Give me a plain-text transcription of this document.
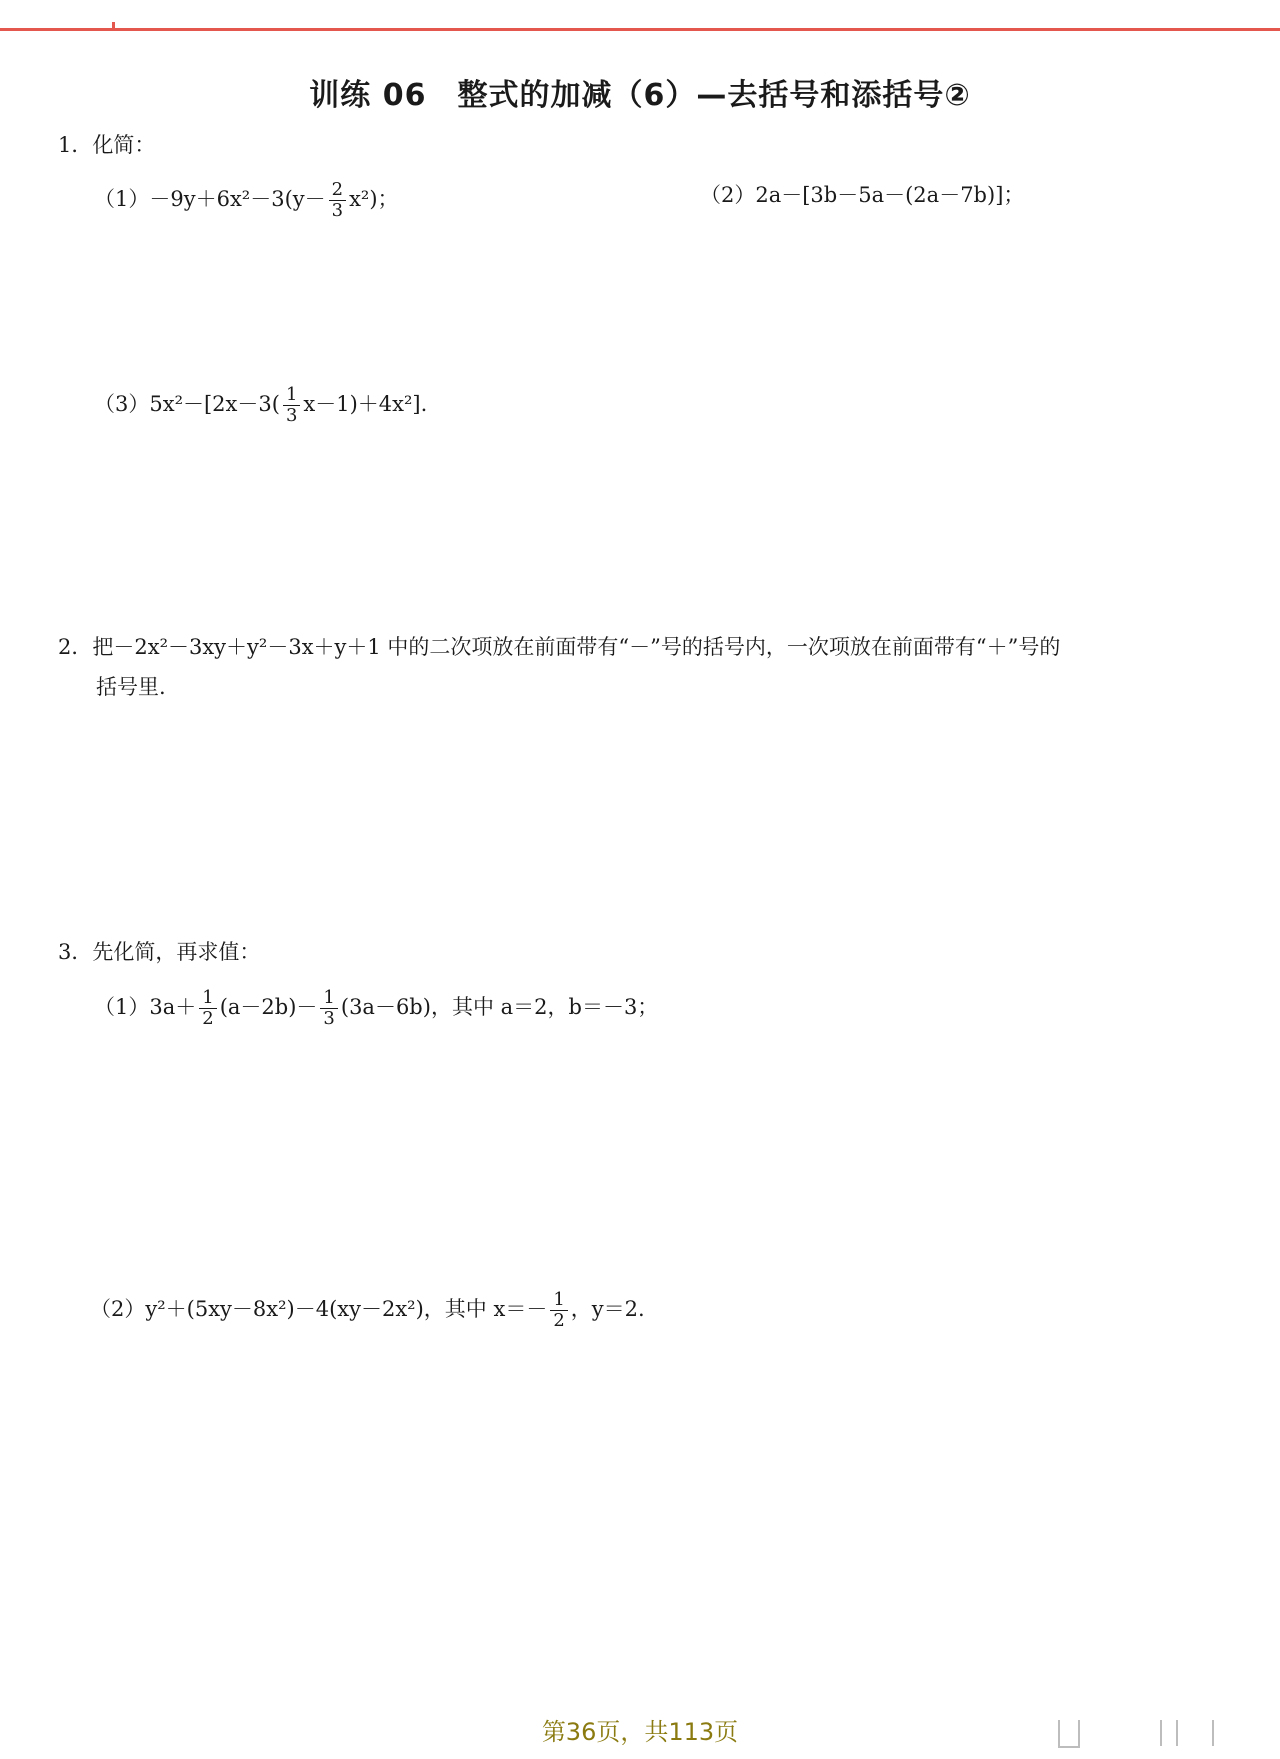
训练 06　整式的加减（6）—去括号和添括号②
1．化简：
$(1)-9y+6x^2-3(y- \frac{2}{3} x^2)$；	（2）2a－[3b－5a－(2a－7b)]；
$(3)5x^2-[2x-3( \frac{1}{3} x-1)+4x^2]$.
2．把－2x²－3xy＋y²－3x＋y＋1 中的二次项放在前面带有“－”号的括号内，一次项放在前面带有“＋”号的
括号里.
3．先化简，再求值：
$(1)3a+ \frac{1}{2} (a-2b)- \frac{1}{3} (3a-6b)$，其中 a＝2，b＝－3；
（2）y²＋(5xy－8x²)－4(xy－2x²)，其中 $x=- \frac{1}{2}$ ，y＝2.
第36页，共113页
